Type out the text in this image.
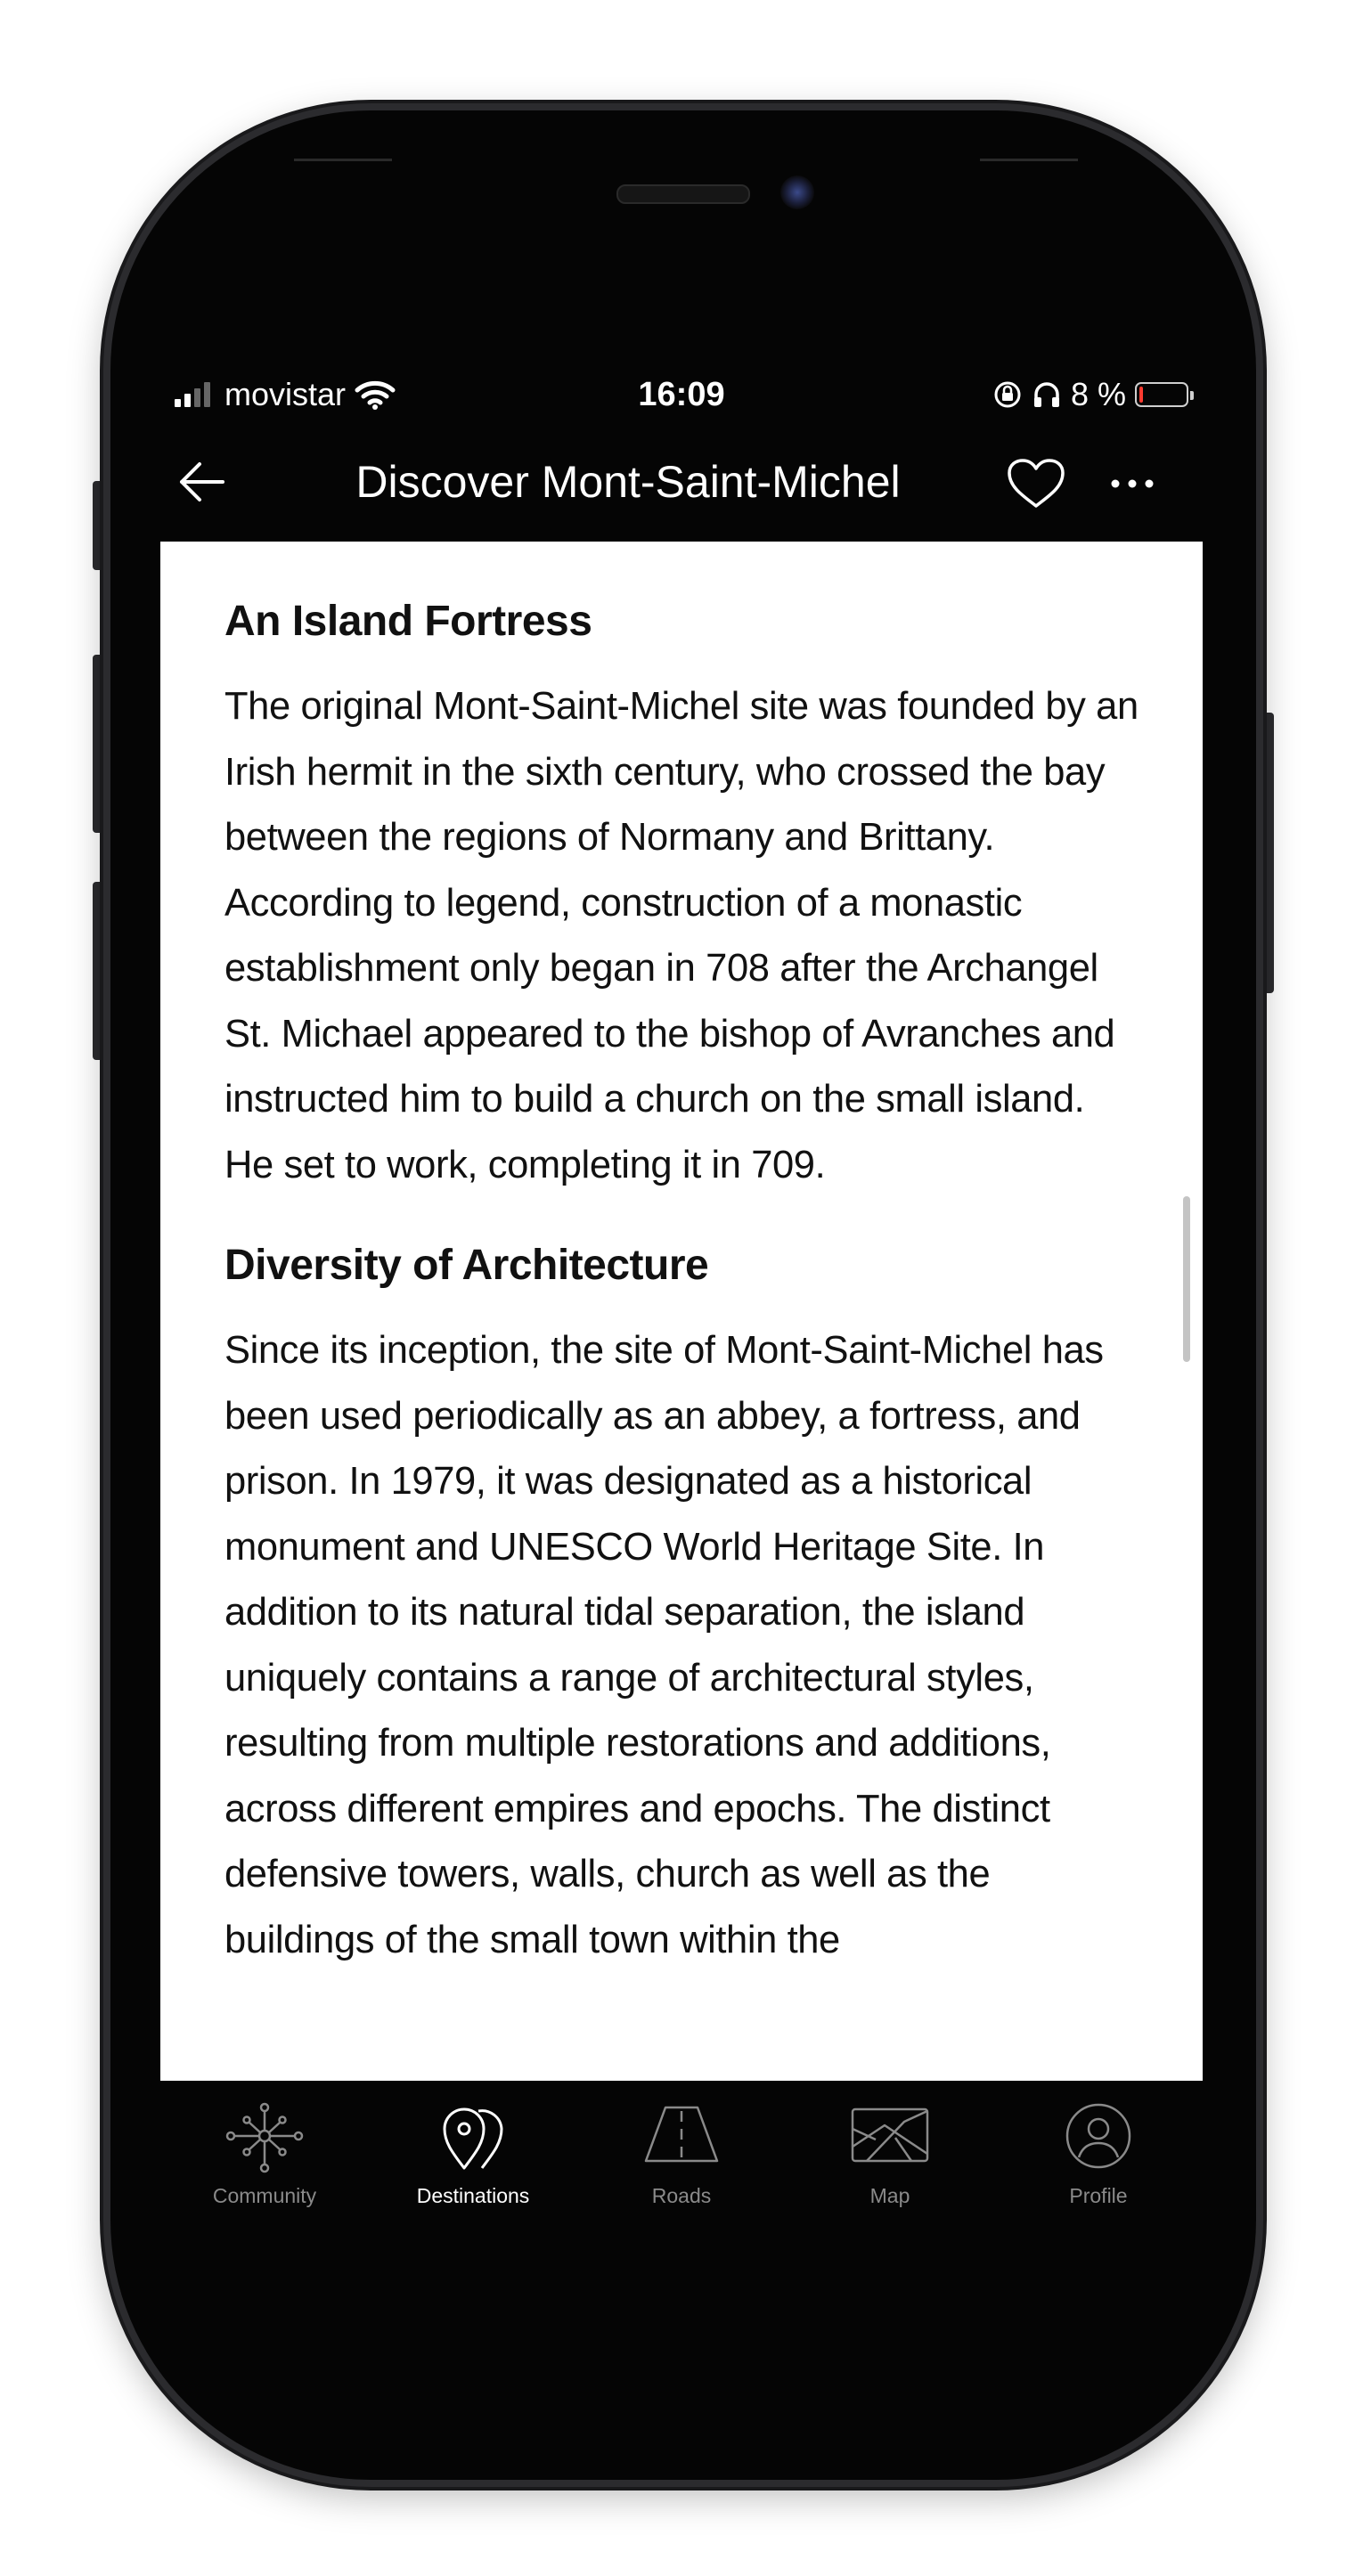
movistar	16:09	8 %
Discover Mont-Saint-Michel
An Island Fortress

The original Mont-Saint-Michel site was founded by an Irish hermit in the sixth century, who crossed the bay between the regions of Normany and Brittany. According to legend, construction of a monastic establishment only began in 708 after the Archangel St. Michael appeared to the bishop of Avranches and instructed him to build a church on the small island. He set to work, completing it in 709.

Diversity of Architecture

Since its inception, the site of Mont-Saint-Michel has been used periodically as an abbey, a fortress, and prison. In 1979, it was designated as a historical monument and UNESCO World Heritage Site. In addition to its natural tidal separation, the island uniquely contains a range of architectural styles, resulting from multiple restorations and additions, across different empires and epochs. The distinct defensive towers, walls, church as well as the buildings of the small town within the

Community	Destinations	Roads	Map	Profile
